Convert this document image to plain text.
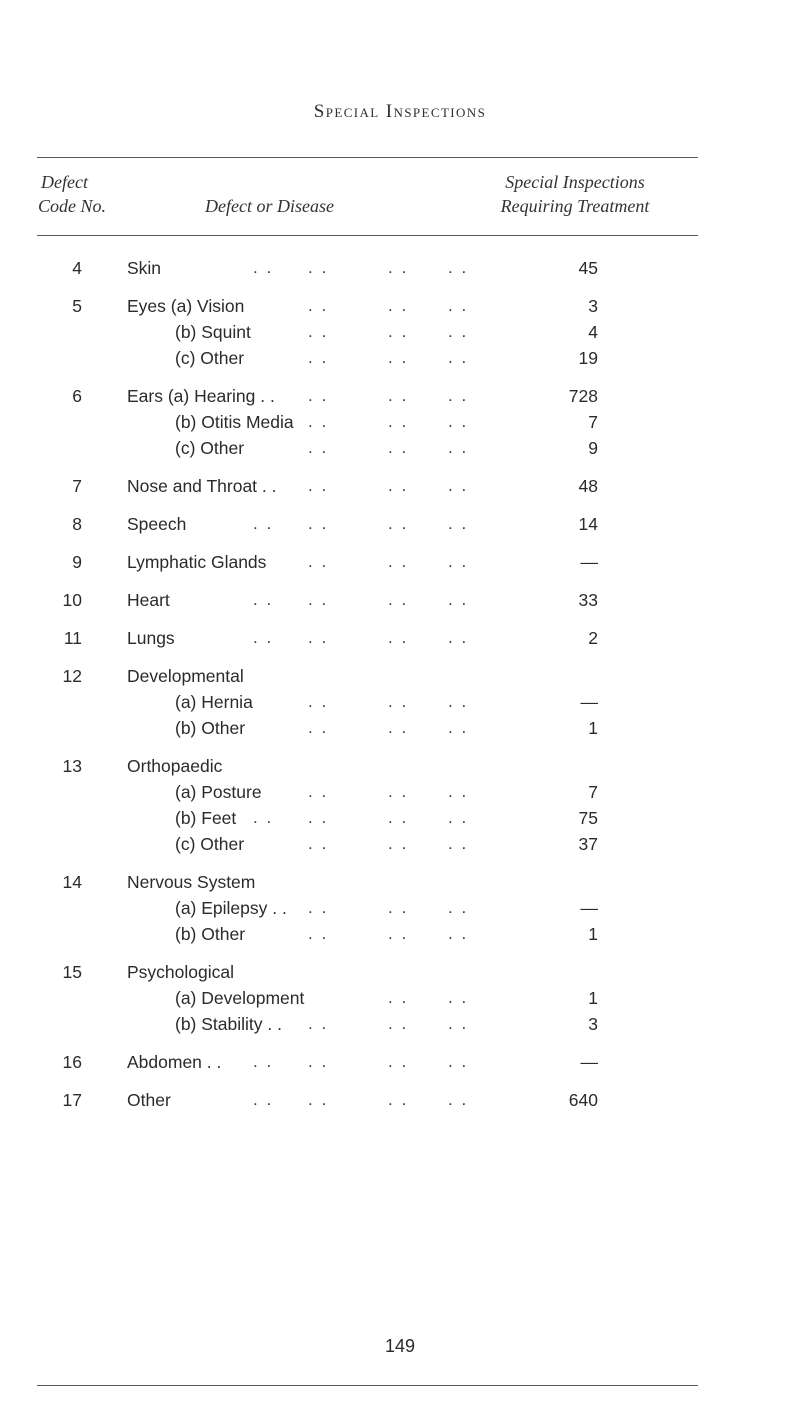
Special Inspections
Defect
Code No.	Defect or Disease
Special Inspections
Requiring Treatment
4	Skin	45
. . . .	. . . .
5	Eyes (a) Vision	3
. .	. . . .
(b) Squint	4
. .	. . . .
(c) Other	19
. .	. . . .
6	Ears (a) Hearing . .	728
. .	. . . .
(b) Otitis Media	7
. .	. . . .
(c) Other	9
. .	. . . .
7	Nose and Throat . .	48
. .	. . . .
8	Speech	14
. . . .	. . . .
9	Lymphatic Glands	—
. .	. . . .
10	Heart	33
. . . .	. . . .
11	Lungs	2
. . . .	. . . .
12	Developmental
(a) Hernia	—
. .	. . . .
(b) Other	1
. .	. . . .
13	Orthopaedic
(a) Posture	7
. .	. . . .
(b) Feet	75
. . . .	. . . .
(c) Other	37
. .	. . . .
14	Nervous System
(a) Epilepsy . .	—
. .	. . . .
(b) Other	1
. .	. . . .
15	Psychological
(a) Development	1
. . . .
(b) Stability . .	3
. .	. . . .
16	Abdomen . .	—
. . . .	. . . .
17	Other	640
. . . .	. . . .
149
